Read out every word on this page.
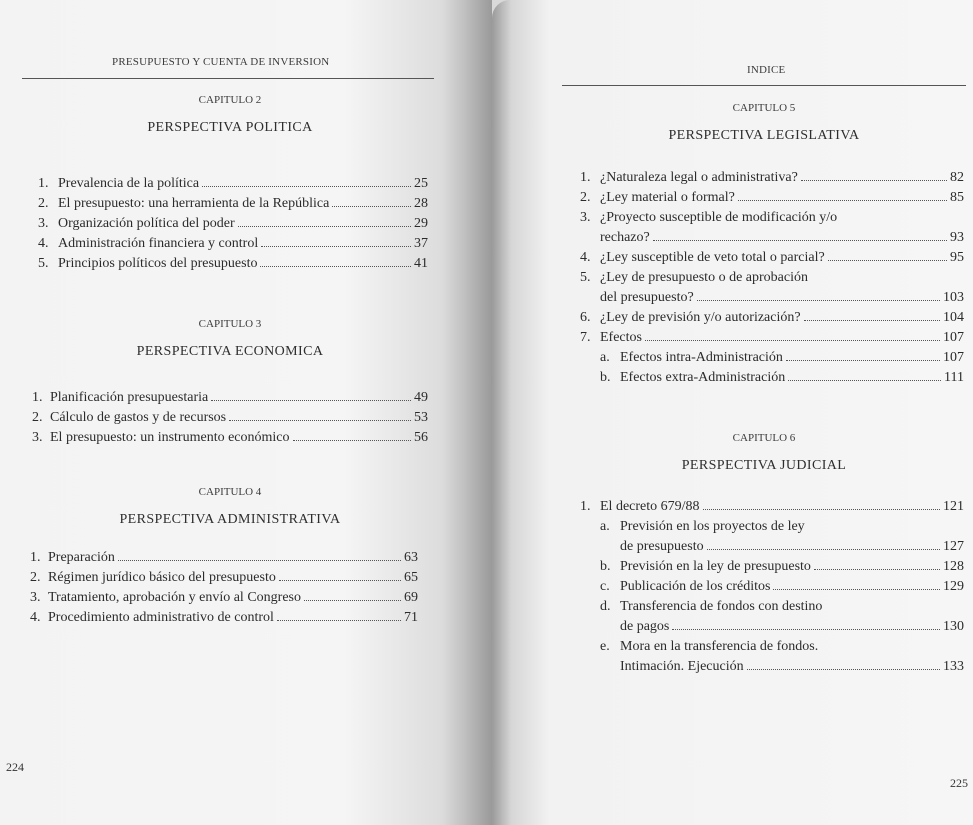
PRESUPUESTO Y CUENTA DE INVERSION
CAPITULO 2
PERSPECTIVA POLITICA
1. Prevalencia de la política	25
2. El presupuesto: una herramienta de la República	28
3. Organización política del poder	29
4. Administración financiera y control	37
5. Principios políticos del presupuesto	41
CAPITULO 3
PERSPECTIVA ECONOMICA
1. Planificación presupuestaria	49
2. Cálculo de gastos y de recursos	53
3. El presupuesto: un instrumento económico	56
CAPITULO 4
PERSPECTIVA ADMINISTRATIVA
1. Preparación	63
2. Régimen jurídico básico del presupuesto	65
3. Tratamiento, aprobación y envío al Congreso	69
4. Procedimiento administrativo de control	71
224
INDICE
CAPITULO 5
PERSPECTIVA LEGISLATIVA
1. ¿Naturaleza legal o administrativa?	82
2. ¿Ley material o formal?	85
3. ¿Proyecto susceptible de modificación y/o
rechazo?	93
4. ¿Ley susceptible de veto total o parcial?	95
5. ¿Ley de presupuesto o de aprobación
del presupuesto?	103
6. ¿Ley de previsión y/o autorización?	104
7. Efectos	107
a. Efectos intra-Administración	107
b. Efectos extra-Administración	111
CAPITULO 6
PERSPECTIVA JUDICIAL
1. El decreto 679/88	121
a. Previsión en los proyectos de ley
de presupuesto	127
b. Previsión en la ley de presupuesto	128
c. Publicación de los créditos	129
d. Transferencia de fondos con destino
de pagos	130
e. Mora en la transferencia de fondos.
Intimación. Ejecución	133
225
